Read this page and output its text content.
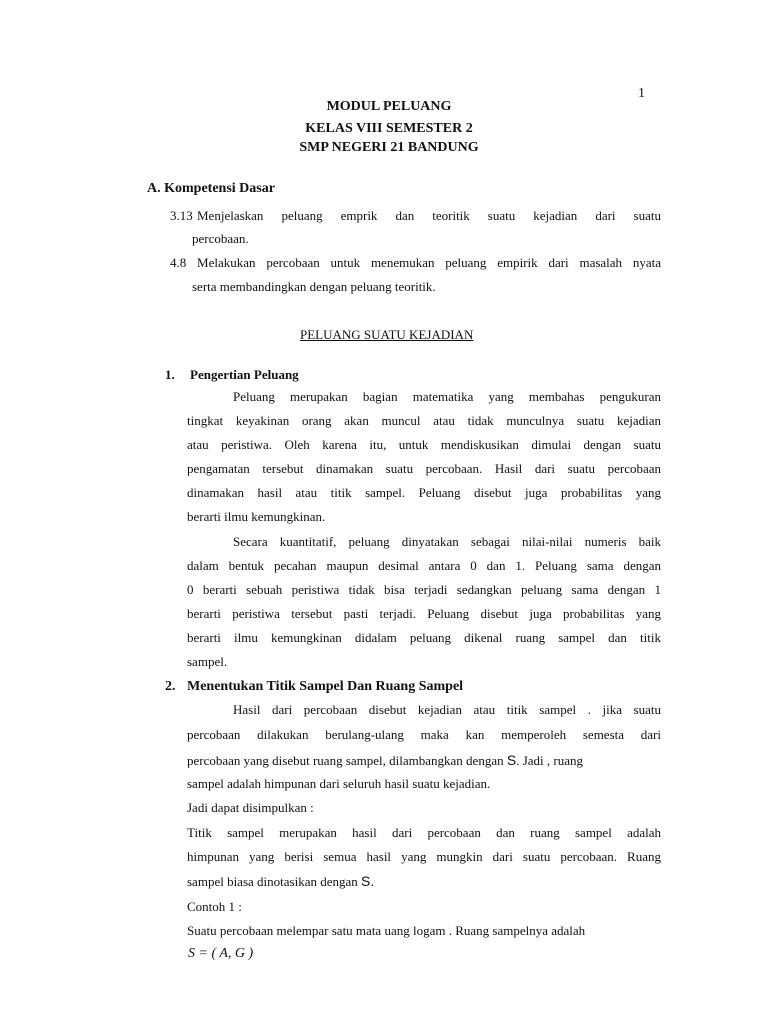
1
MODUL PELUANG
KELAS VIII SEMESTER 2
SMP NEGERI 21 BANDUNG
A. Kompetensi Dasar
3.13 Menjelaskan peluang emprik dan teoritik suatu kejadian dari suatu
percobaan.
4.8 Melakukan percobaan untuk menemukan peluang empirik dari masalah nyata
serta membandingkan dengan peluang teoritik.
PELUANG SUATU KEJADIAN
1. Pengertian Peluang
Peluang merupakan bagian matematika yang membahas pengukuran
tingkat keyakinan orang akan muncul atau tidak munculnya suatu kejadian
atau peristiwa. Oleh karena itu, untuk mendiskusikan dimulai dengan suatu
pengamatan tersebut dinamakan suatu percobaan. Hasil dari suatu percobaan
dinamakan hasil atau titik sampel. Peluang disebut juga probabilitas yang
berarti ilmu kemungkinan.
Secara kuantitatif, peluang dinyatakan sebagai nilai-nilai numeris baik
dalam bentuk pecahan maupun desimal antara 0 dan 1. Peluang sama dengan
0 berarti sebuah peristiwa tidak bisa terjadi sedangkan peluang sama dengan 1
berarti peristiwa tersebut pasti terjadi. Peluang disebut juga probabilitas yang
berarti ilmu kemungkinan didalam peluang dikenal ruang sampel dan titik
sampel.
2. Menentukan Titik Sampel Dan Ruang Sampel
Hasil dari percobaan disebut kejadian atau titik sampel . jika suatu
percobaan dilakukan berulang-ulang maka kan memperoleh semesta dari
percobaan yang disebut ruang sampel, dilambangkan dengan S. Jadi , ruang
sampel adalah himpunan dari seluruh hasil suatu kejadian.
Jadi dapat disimpulkan :
Titik sampel merupakan hasil dari percobaan dan ruang sampel adalah
himpunan yang berisi semua hasil yang mungkin dari suatu percobaan. Ruang
sampel biasa dinotasikan dengan S.
Contoh 1 :
Suatu percobaan melempar satu mata uang logam . Ruang sampelnya adalah
S = ( A, G )
